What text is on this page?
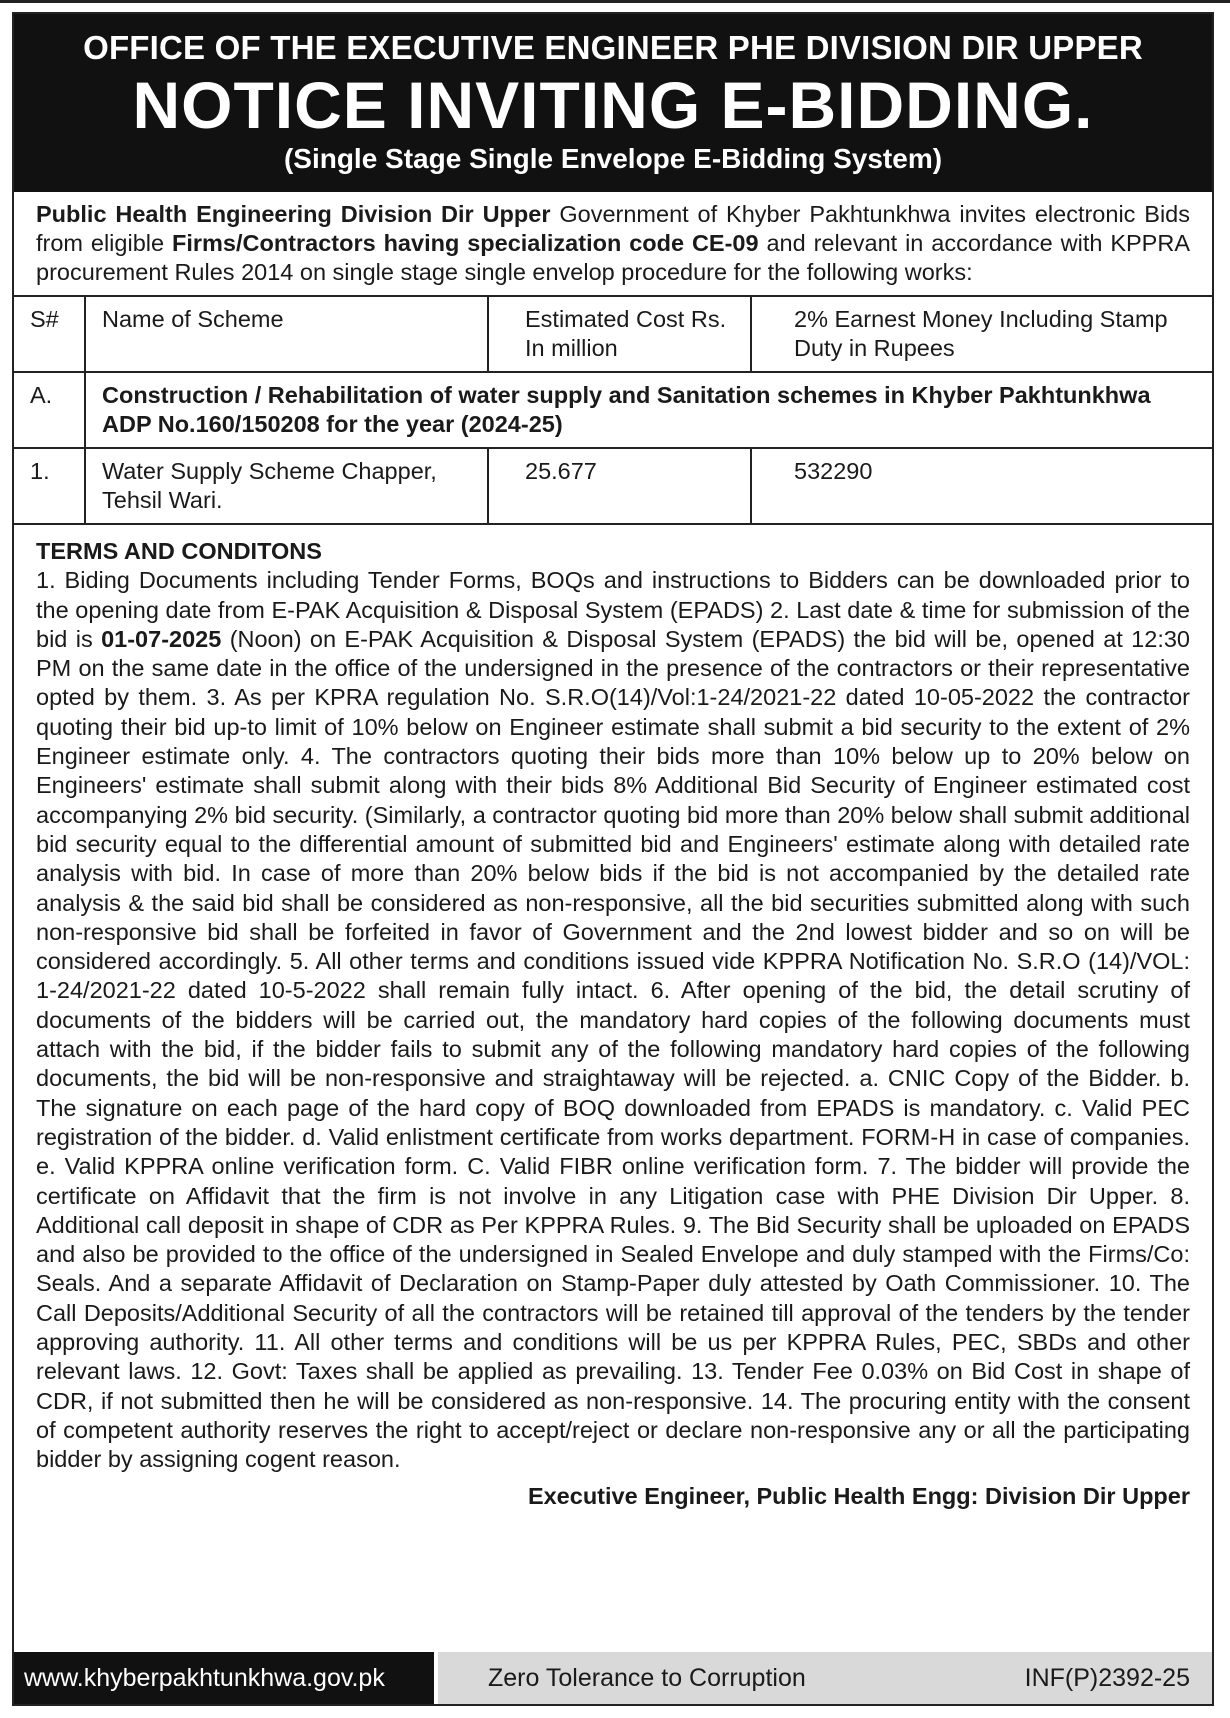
OFFICE OF THE EXECUTIVE ENGINEER PHE DIVISION DIR UPPER
NOTICE INVITING E-BIDDING.
(Single Stage Single Envelope E-Bidding System)
Public Health Engineering Division Dir Upper Government of Khyber Pakhtunkhwa invites electronic Bids from eligible Firms/Contractors having specialization code CE-09 and relevant in accordance with KPPRA procurement Rules 2014 on single stage single envelop procedure for the following works:
S#	Name of Scheme	Estimated Cost Rs. In million	2% Earnest Money Including Stamp Duty in Rupees
A.	Construction / Rehabilitation of water supply and Sanitation schemes in Khyber Pakhtunkhwa ADP No.160/150208 for the year (2024-25)		
1.	Water Supply Scheme Chapper, Tehsil Wari.	25.677	532290
TERMS AND CONDITONS
1. Biding Documents including Tender Forms, BOQs and instructions to Bidders can be downloaded prior to the opening date from E-PAK Acquisition & Disposal System (EPADS) 2. Last date & time for submission of the bid is 01-07-2025 (Noon) on E-PAK Acquisition & Disposal System (EPADS) the bid will be, opened at 12:30 PM on the same date in the office of the undersigned in the presence of the contractors or their representative opted by them. 3. As per KPRA regulation No. S.R.O(14)/Vol:1-24/2021-22 dated 10-05-2022 the contractor quoting their bid up-to limit of 10% below on Engineer estimate shall submit a bid security to the extent of 2% Engineer estimate only. 4. The contractors quoting their bids more than 10% below up to 20% below on Engineers' estimate shall submit along with their bids 8% Additional Bid Security of Engineer estimated cost accompanying 2% bid security. (Similarly, a contractor quoting bid more than 20% below shall submit additional bid security equal to the differential amount of submitted bid and Engineers' estimate along with detailed rate analysis with bid. In case of more than 20% below bids if the bid is not accompanied by the detailed rate analysis & the said bid shall be considered as non-responsive, all the bid securities submitted along with such non-responsive bid shall be forfeited in favor of Government and the 2nd lowest bidder and so on will be considered accordingly. 5. All other terms and conditions issued vide KPPRA Notification No. S.R.O (14)/VOL: 1-24/2021-22 dated 10-5-2022 shall remain fully intact. 6. After opening of the bid, the detail scrutiny of documents of the bidders will be carried out, the mandatory hard copies of the following documents must attach with the bid, if the bidder fails to submit any of the following mandatory hard copies of the following documents, the bid will be non-responsive and straightaway will be rejected. a. CNIC Copy of the Bidder. b. The signature on each page of the hard copy of BOQ downloaded from EPADS is mandatory. c. Valid PEC registration of the bidder. d. Valid enlistment certificate from works department. FORM-H in case of companies. e. Valid KPPRA online verification form. C. Valid FIBR online verification form. 7. The bidder will provide the certificate on Affidavit that the firm is not involve in any Litigation case with PHE Division Dir Upper. 8. Additional call deposit in shape of CDR as Per KPPRA Rules. 9. The Bid Security shall be uploaded on EPADS and also be provided to the office of the undersigned in Sealed Envelope and duly stamped with the Firms/Co: Seals. And a separate Affidavit of Declaration on Stamp-Paper duly attested by Oath Commissioner. 10. The Call Deposits/Additional Security of all the contractors will be retained till approval of the tenders by the tender approving authority. 11. All other terms and conditions will be us per KPPRA Rules, PEC, SBDs and other relevant laws. 12. Govt: Taxes shall be applied as prevailing. 13. Tender Fee 0.03% on Bid Cost in shape of CDR, if not submitted then he will be considered as non-responsive. 14. The procuring entity with the consent of competent authority reserves the right to accept/reject or declare non-responsive any or all the participating bidder by assigning cogent reason.
Executive Engineer, Public Health Engg: Division Dir Upper
www.khyberpakhtunkhwa.gov.pk	Zero Tolerance to Corruption	INF(P)2392-25
